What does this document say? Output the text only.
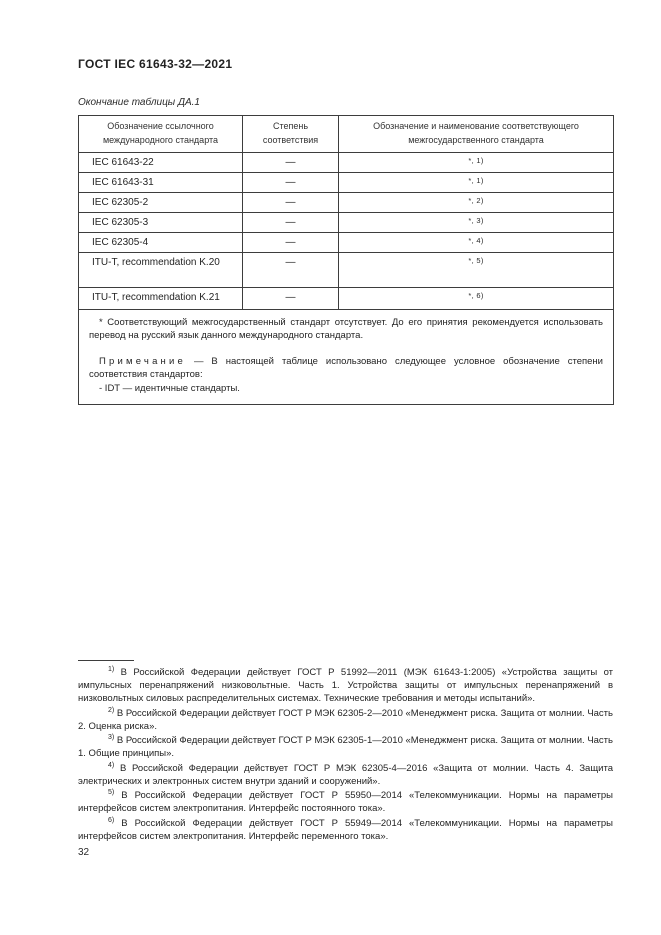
ГОСТ IEC 61643-32—2021
Окончание таблицы ДА.1
Обозначение ссылочного международного стандарта	Степень соответствия	Обозначение и наименование соответствующего межгосударственного стандарта
IEC 61643-22	—	$^{*, 1)}$
IEC 61643-31	—	$^{*, 1)}$
IEC 62305-2	—	$^{*, 2)}$
IEC 62305-3	—	$^{*, 3)}$
IEC 62305-4	—	$^{*, 4)}$
ITU-T, recommendation K.20	—	$^{*, 5)}$
ITU-T, recommendation K.21	—	$^{*, 6)}$

* Соответствующий межгосударственный стандарт отсутствует. До его принятия рекомендуется использовать перевод на русский язык данного международного стандарта.

Примечание — В настоящей таблице использовано следующее условное обозначение степени соответствия стандартов:

- IDT — идентичные стандарты.		

$^{1)}$ В Российской Федерации действует ГОСТ Р 51992—2011 (МЭК 61643-1:2005) «Устройства защиты от импульсных перенапряжений низковольтные. Часть 1. Устройства защиты от импульсных перенапряжений в низковольтных силовых распределительных системах. Технические требования и методы испытаний».

$^{2)}$ В Российской Федерации действует ГОСТ Р МЭК 62305-2—2010 «Менеджмент риска. Защита от молнии. Часть 2. Оценка риска».

$^{3)}$ В Российской Федерации действует ГОСТ Р МЭК 62305-1—2010 «Менеджмент риска. Защита от молнии. Часть 1. Общие принципы».

$^{4)}$ В Российской Федерации действует ГОСТ Р МЭК 62305-4—2016 «Защита от молнии. Часть 4. Защита электрических и электронных систем внутри зданий и сооружений».

$^{5)}$ В Российской Федерации действует ГОСТ Р 55950—2014 «Телекоммуникации. Нормы на параметры интерфейсов систем электропитания. Интерфейс постоянного тока».

$^{6)}$ В Российской Федерации действует ГОСТ Р 55949—2014 «Телекоммуникации. Нормы на параметры интерфейсов систем электропитания. Интерфейс переменного тока».

32
